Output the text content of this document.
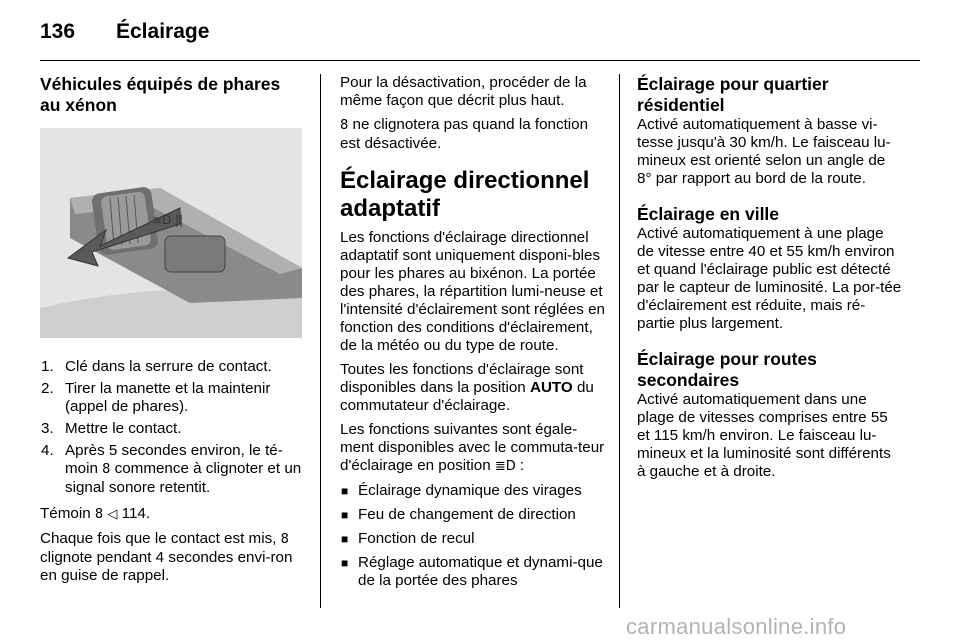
136 Éclairage
Véhicules équipés de phares au xénon
≡D ||
1. Clé dans la serrure de contact.
2. Tirer la manette et la maintenir (appel de phares).
3. Mettre le contact.
4. Après 5 secondes environ, le té-moin 8 commence à clignoter et un signal sonore retentit.

Témoin 8 ◁ 114.

Chaque fois que le contact est mis, 8 clignote pendant 4 secondes envi-ron en guise de rappel.

Pour la désactivation, procéder de la même façon que décrit plus haut.

8 ne clignotera pas quand la fonction est désactivée.

Éclairage directionnel adaptatif

Les fonctions d'éclairage directionnel adaptatif sont uniquement disponi-bles pour les phares au bixénon. La portée des phares, la répartition lumi-neuse et l'intensité d'éclairement sont réglées en fonction des conditions d'éclairement, de la météo ou du type de route.

Toutes les fonctions d'éclairage sont disponibles dans la position AUTO du commutateur d'éclairage.

Les fonctions suivantes sont égale-ment disponibles avec le commuta-teur d'éclairage en position ≣D :

■ Éclairage dynamique des virages
■ Feu de changement de direction
■ Fonction de recul
■ Réglage automatique et dynami-que de la portée des phares
Éclairage pour quartier résidentiel

Activé automatiquement à basse vi-tesse jusqu'à 30 km/h. Le faisceau lu-mineux est orienté selon un angle de 8° par rapport au bord de la route.

Éclairage en ville

Activé automatiquement à une plage de vitesse entre 40 et 55 km/h environ et quand l'éclairage public est détecté par le capteur de luminosité. La por-tée d'éclairement est réduite, mais ré-partie plus largement.

Éclairage pour routes secondaires

Activé automatiquement dans une plage de vitesses comprises entre 55 et 115 km/h environ. Le faisceau lu-mineux et la luminosité sont différents à gauche et à droite.

carmanualsonline.info
